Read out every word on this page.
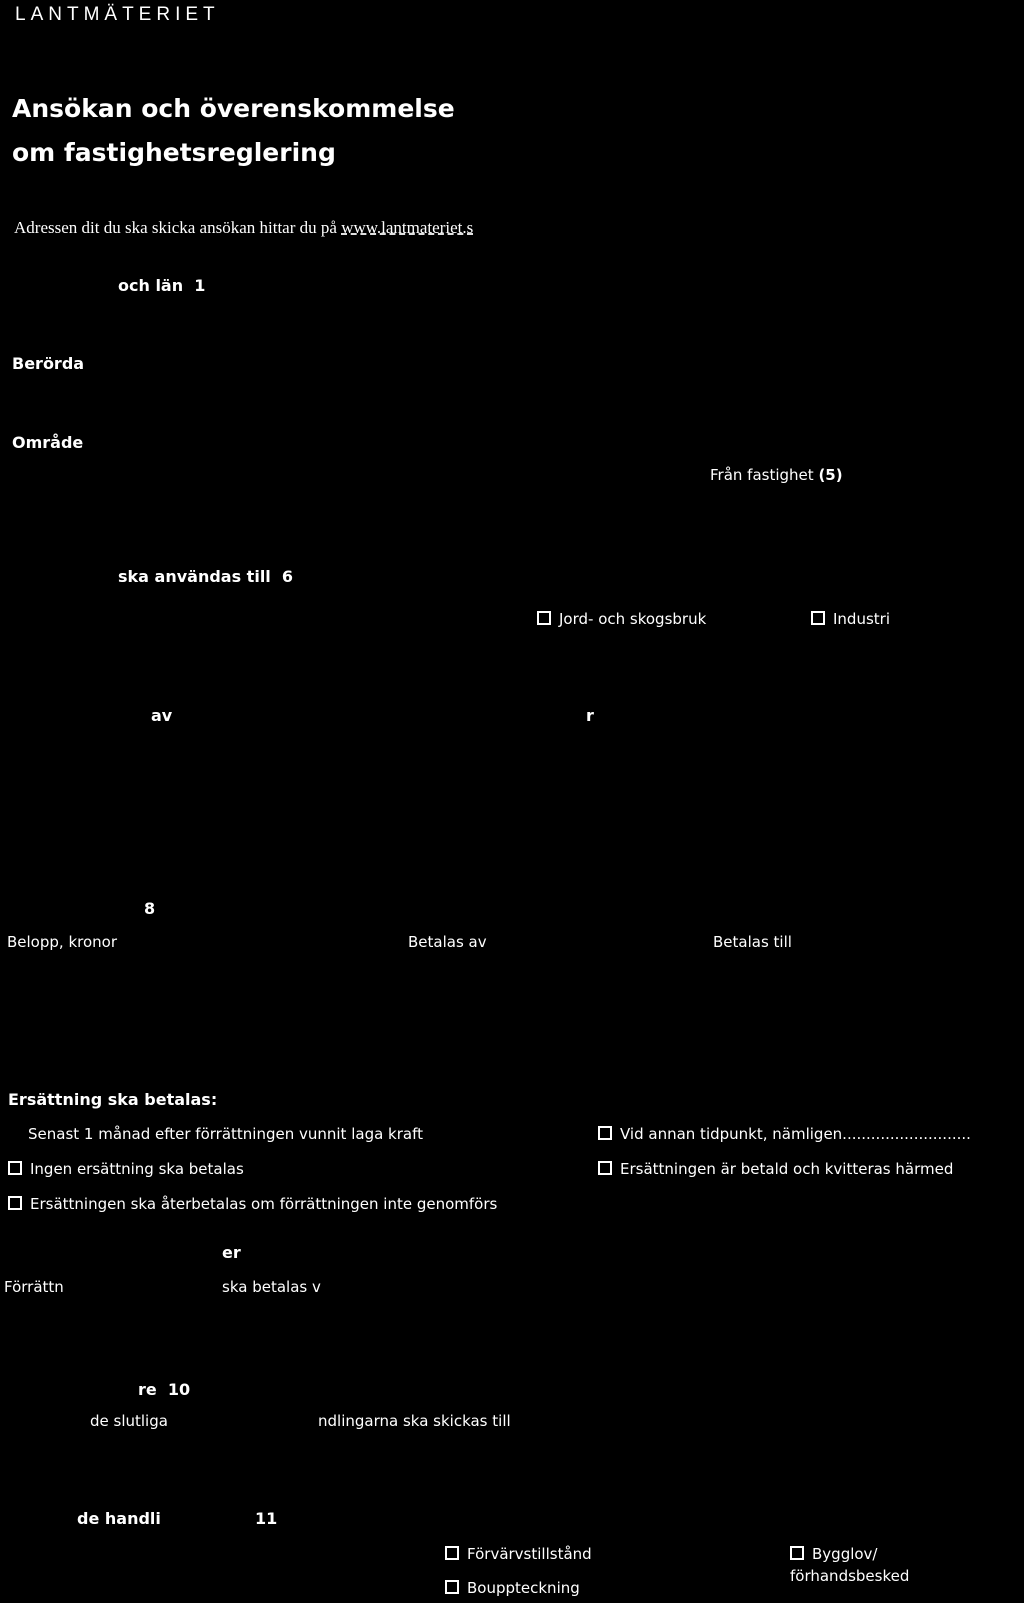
LANTMÄTERIET
Ansökan och överenskommelse
om fastighetsreglering
Adressen dit du ska skicka ansökan hittar du på www.lantmateriet.s
och län 1
Berörda
Område
Från fastighet (5)
ska användas till 6
Jord- och skogsbruk	Industri
av	r
8
Belopp, kronor	Betalas av	Betalas till
Ersättning ska betalas:
Senast 1 månad efter förrättningen vunnit laga kraft	Vid annan tidpunkt, nämligen...........................
Ingen ersättning ska betalas	Ersättningen är betald och kvitteras härmed
Ersättningen ska återbetalas om förrättningen inte genomförs
er
Förrättn	ska betalas v
re 10
de slutliga	ndlingarna ska skickas till
de handli	11
Förvärvstillstånd	Bygglov/
förhandsbesked
Bouppteckning
